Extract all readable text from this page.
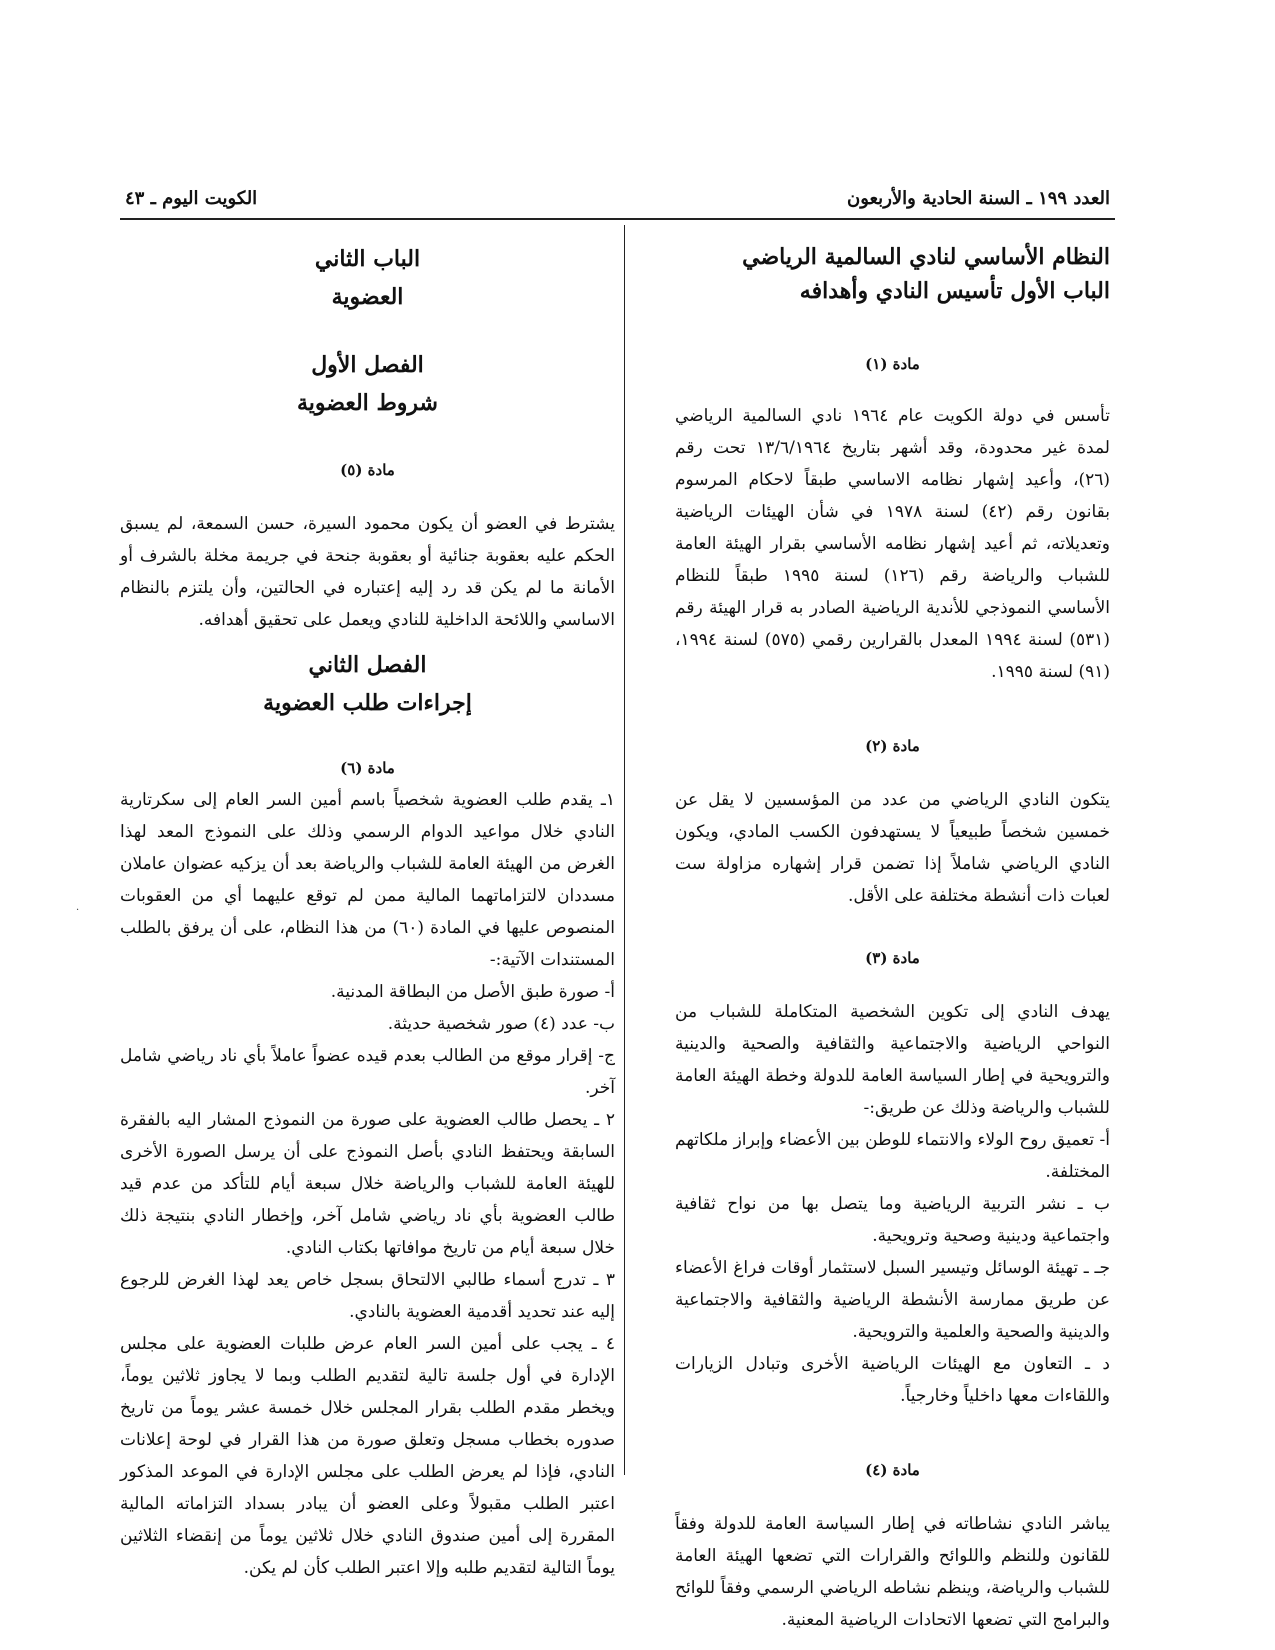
العدد ١٩٩ ـ السنة الحادية والأربعون
الكويت اليوم ـ ٤٣
·

النظام الأساسي لنادي السالمية الرياضي

الباب الأول تأسيس النادي وأهدافه

مادة (١)

تأسس في دولة الكويت عام ١٩٦٤ نادي السالمية الرياضي لمدة غير محدودة، وقد أشهر بتاريخ ١٣/٦/١٩٦٤ تحت رقم (٢٦)، وأعيد إشهار نظامه الاساسي طبقاً لاحكام المرسوم بقانون رقم (٤٢) لسنة ١٩٧٨ في شأن الهيئات الرياضية وتعديلاته، ثم أعيد إشهار نظامه الأساسي بقرار الهيئة العامة للشباب والرياضة رقم (١٢٦) لسنة ١٩٩٥ طبقاً للنظام الأساسي النموذجي للأندية الرياضية الصادر به قرار الهيئة رقم (٥٣١) لسنة ١٩٩٤ المعدل بالقرارين رقمي (٥٧٥) لسنة ١٩٩٤، (٩١) لسنة ١٩٩٥.

مادة (٢)

يتكون النادي الرياضي من عدد من المؤسسين لا يقل عن خمسين شخصاً طبيعياً لا يستهدفون الكسب المادي، ويكون النادي الرياضي شاملاً إذا تضمن قرار إشهاره مزاولة ست لعبات ذات أنشطة مختلفة على الأقل.

مادة (٣)

يهدف النادي إلى تكوين الشخصية المتكاملة للشباب من النواحي الرياضية والاجتماعية والثقافية والصحية والدينية والترويحية في إطار السياسة العامة للدولة وخطة الهيئة العامة للشباب والرياضة وذلك عن طريق:-

أ- تعميق روح الولاء والانتماء للوطن بين الأعضاء وإبراز ملكاتهم المختلفة.

ب ـ نشر التربية الرياضية وما يتصل بها من نواح ثقافية واجتماعية ودينية وصحية وترويحية.

جـ ـ تهيئة الوسائل وتيسير السبل لاستثمار أوقات فراغ الأعضاء عن طريق ممارسة الأنشطة الرياضية والثقافية والاجتماعية والدينية والصحية والعلمية والترويحية.

د ـ التعاون مع الهيئات الرياضية الأخرى وتبادل الزيارات واللقاءات معها داخلياً وخارجياً.

مادة (٤)

يباشر النادي نشاطاته في إطار السياسة العامة للدولة وفقاً للقانون وللنظم واللوائح والقرارات التي تضعها الهيئة العامة للشباب والرياضة، وينظم نشاطه الرياضي الرسمي وفقاً للوائح والبرامج التي تضعها الاتحادات الرياضية المعنية.

الباب الثاني

العضوية

الفصل الأول

شروط العضوية

مادة (٥)

يشترط في العضو أن يكون محمود السيرة، حسن السمعة، لم يسبق الحكم عليه بعقوبة جنائية أو بعقوبة جنحة في جريمة مخلة بالشرف أو الأمانة ما لم يكن قد رد إليه إعتباره في الحالتين، وأن يلتزم بالنظام الاساسي واللائحة الداخلية للنادي ويعمل على تحقيق أهدافه.

الفصل الثاني

إجراءات طلب العضوية

مادة (٦)

١ـ يقدم طلب العضوية شخصياً باسم أمين السر العام إلى سكرتارية النادي خلال مواعيد الدوام الرسمي وذلك على النموذج المعد لهذا الغرض من الهيئة العامة للشباب والرياضة بعد أن يزكيه عضوان عاملان مسددان لالتزاماتهما المالية ممن لم توقع عليهما أي من العقوبات المنصوص عليها في المادة (٦٠) من هذا النظام، على أن يرفق بالطلب المستندات الآتية:-

أ- صورة طبق الأصل من البطاقة المدنية.

ب- عدد (٤) صور شخصية حديثة.

ج- إقرار موقع من الطالب بعدم قيده عضواً عاملاً بأي ناد رياضي شامل آخر.

٢ ـ يحصل طالب العضوية على صورة من النموذج المشار اليه بالفقرة السابقة ويحتفظ النادي بأصل النموذج على أن يرسل الصورة الأخرى للهيئة العامة للشباب والرياضة خلال سبعة أيام للتأكد من عدم قيد طالب العضوية بأي ناد رياضي شامل آخر، وإخطار النادي بنتيجة ذلك خلال سبعة أيام من تاريخ موافاتها بكتاب النادي.

٣ ـ تدرج أسماء طالبي الالتحاق بسجل خاص يعد لهذا الغرض للرجوع إليه عند تحديد أقدمية العضوية بالنادي.

٤ ـ يجب على أمين السر العام عرض طلبات العضوية على مجلس الإدارة في أول جلسة تالية لتقديم الطلب وبما لا يجاوز ثلاثين يوماً، ويخطر مقدم الطلب بقرار المجلس خلال خمسة عشر يوماً من تاريخ صدوره بخطاب مسجل وتعلق صورة من هذا القرار في لوحة إعلانات النادي، فإذا لم يعرض الطلب على مجلس الإدارة في الموعد المذكور اعتبر الطلب مقبولاً وعلى العضو أن يبادر بسداد التزاماته المالية المقررة إلى أمين صندوق النادي خلال ثلاثين يوماً من إنقضاء الثلاثين يوماً التالية لتقديم طلبه وإلا اعتبر الطلب كأن لم يكن.
